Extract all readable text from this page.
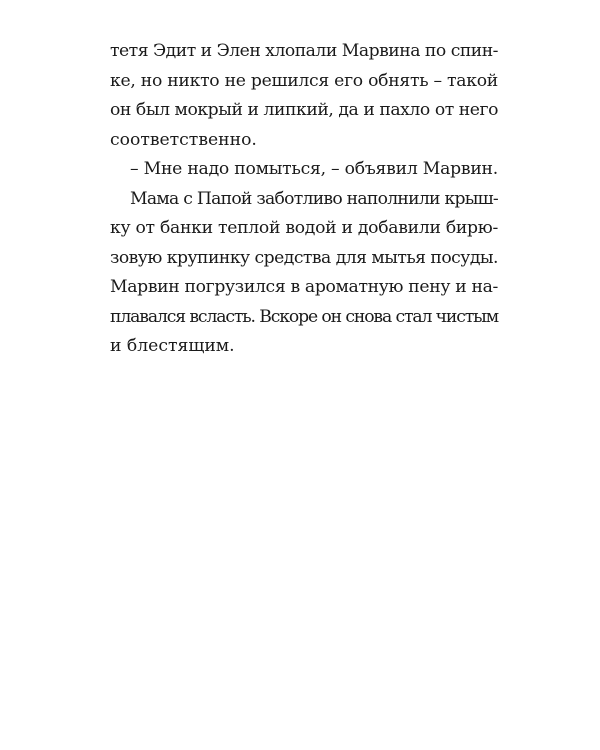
тетя Эдит и Элен хлопали Марвина по спин-
ке, но никто не решился его обнять – такой
он был мокрый и липкий, да и пахло от него
соответственно.
– Мне надо помыться, – объявил Марвин.
Мама с Папой заботливо наполнили крыш-
ку от банки теплой водой и добавили бирю-
зовую крупинку средства для мытья посуды.
Марвин погрузился в ароматную пену и на-
плавался всласть. Вскоре он снова стал чистым
и блестящим.
